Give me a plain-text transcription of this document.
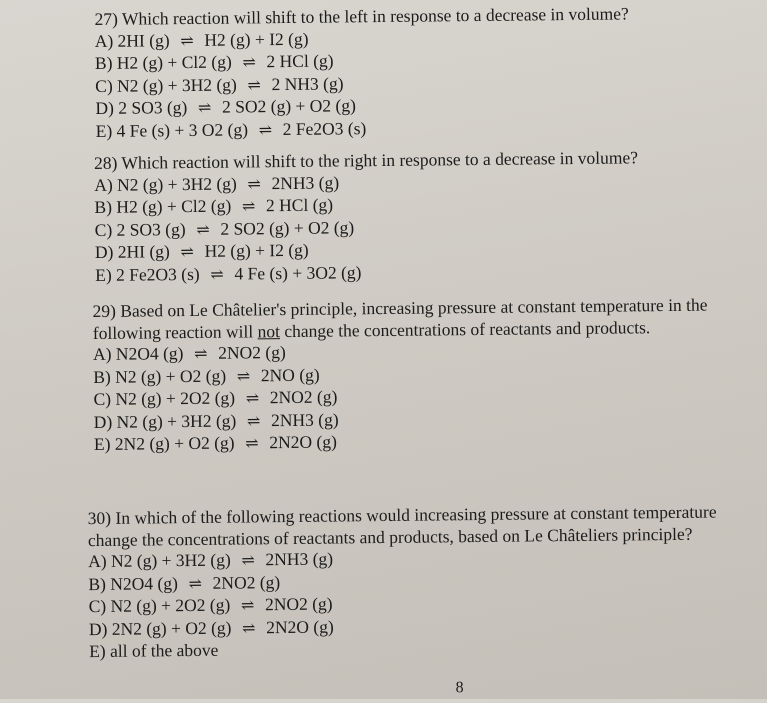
27) Which reaction will shift to the left in response to a decrease in volume?
A) 2HI (g) ⇌ H2 (g) + I2 (g)
B) H2 (g) + Cl2 (g) ⇌ 2 HCl (g)
C) N2 (g) + 3H2 (g) ⇌ 2 NH3 (g)
D) 2 SO3 (g) ⇌ 2 SO2 (g) + O2 (g)
E) 4 Fe (s) + 3 O2 (g) ⇌ 2 Fe2O3 (s)
28) Which reaction will shift to the right in response to a decrease in volume?
A) N2 (g) + 3H2 (g) ⇌ 2NH3 (g)
B) H2 (g) + Cl2 (g) ⇌ 2 HCl (g)
C) 2 SO3 (g) ⇌ 2 SO2 (g) + O2 (g)
D) 2HI (g) ⇌ H2 (g) + I2 (g)
E) 2 Fe2O3 (s) ⇌ 4 Fe (s) + 3O2 (g)
29) Based on Le Châtelier's principle, increasing pressure at constant temperature in the
following reaction will not change the concentrations of reactants and products.
A) N2O4 (g) ⇌ 2NO2 (g)
B) N2 (g) + O2 (g) ⇌ 2NO (g)
C) N2 (g) + 2O2 (g) ⇌ 2NO2 (g)
D) N2 (g) + 3H2 (g) ⇌ 2NH3 (g)
E) 2N2 (g) + O2 (g) ⇌ 2N2O (g)
30) In which of the following reactions would increasing pressure at constant temperature
change the concentrations of reactants and products, based on Le Châteliers principle?
A) N2 (g) + 3H2 (g) ⇌ 2NH3 (g)
B) N2O4 (g) ⇌ 2NO2 (g)
C) N2 (g) + 2O2 (g) ⇌ 2NO2 (g)
D) 2N2 (g) + O2 (g) ⇌ 2N2O (g)
E) all of the above
8
